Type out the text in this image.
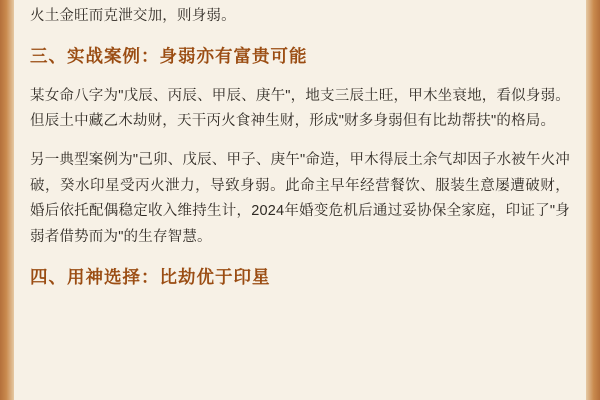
火土金旺而克泄交加，则身弱。

三、实战案例：身弱亦有富贵可能

某女命八字为"戊辰、丙辰、甲辰、庚午"，地支三辰土旺，甲木坐衰地，看似身弱。但辰土中藏乙木劫财，天干丙火食神生财，形成"财多身弱但有比劫帮扶"的格局。

另一典型案例为"己卯、戊辰、甲子、庚午"命造，甲木得辰土余气却因子水被午火冲破，癸水印星受丙火泄力，导致身弱。此命主早年经营餐饮、服装生意屡遭破财，婚后依托配偶稳定收入维持生计，2024年婚变危机后通过妥协保全家庭，印证了"身弱者借势而为"的生存智慧。

四、用神选择：比劫优于印星
